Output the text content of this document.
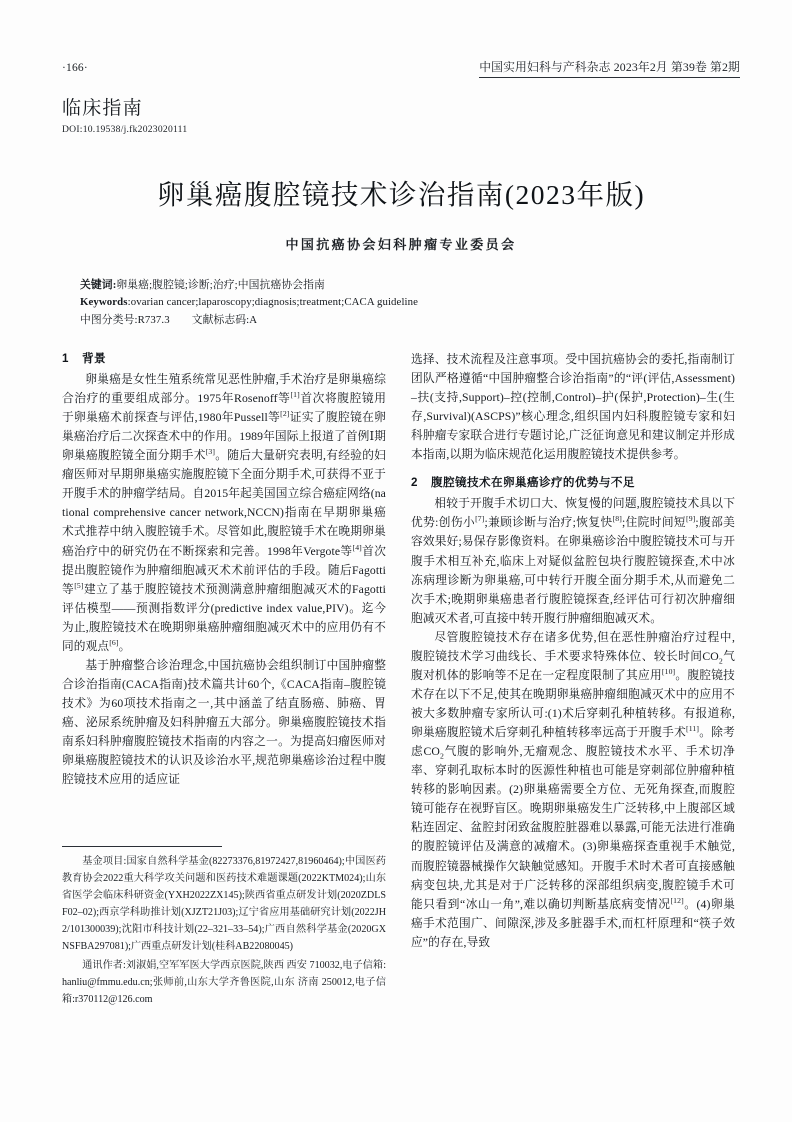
·166·	中国实用妇科与产科杂志 2023年2月 第39卷 第2期
临床指南
DOI:10.19538/j.fk2023020111
卵巢癌腹腔镜技术诊治指南(2023年版)
中国抗癌协会妇科肿瘤专业委员会
关键词:卵巢癌;腹腔镜;诊断;治疗;中国抗癌协会指南
Keywords:ovarian cancer;laparoscopy;diagnosis;treatment;CACA guideline
中图分类号:R737.3 文献标志码:A
1 背景

卵巢癌是女性生殖系统常见恶性肿瘤,手术治疗是卵巢癌综合治疗的重要组成部分。1975年Rosenoff等[1]首次将腹腔镜用于卵巢癌术前探查与评估,1980年Pussell等[2]证实了腹腔镜在卵巢癌治疗后二次探查术中的作用。1989年国际上报道了首例Ⅰ期卵巢癌腹腔镜全面分期手术[3]。随后大量研究表明,有经验的妇瘤医师对早期卵巢癌实施腹腔镜下全面分期手术,可获得不亚于开腹手术的肿瘤学结局。自2015年起美国国立综合癌症网络(national comprehensive cancer network,NCCN)指南在早期卵巢癌术式推荐中纳入腹腔镜手术。尽管如此,腹腔镜手术在晚期卵巢癌治疗中的研究仍在不断探索和完善。1998年Vergote等[4]首次提出腹腔镜作为肿瘤细胞减灭术术前评估的手段。随后Fagotti等[5]建立了基于腹腔镜技术预测满意肿瘤细胞减灭术的Fagotti评估模型——预测指数评分(predictive index value,PIV)。迄今为止,腹腔镜技术在晚期卵巢癌肿瘤细胞减灭术中的应用仍有不同的观点[6]。

基于肿瘤整合诊治理念,中国抗癌协会组织制订中国肿瘤整合诊治指南(CACA指南)技术篇共计60个,《CACA指南–腹腔镜技术》为60项技术指南之一,其中涵盖了结直肠癌、肺癌、胃癌、泌尿系统肿瘤及妇科肿瘤五大部分。卵巢癌腹腔镜技术指南系妇科肿瘤腹腔镜技术指南的内容之一。为提高妇瘤医师对卵巢癌腹腔镜技术的认识及诊治水平,规范卵巢癌诊治过程中腹腔镜技术应用的适应证

选择、技术流程及注意事项。受中国抗癌协会的委托,指南制订团队严格遵循“中国肿瘤整合诊治指南”的“评(评估,Assessment)–扶(支持,Support)–控(控制,Control)–护(保护,Protection)–生(生存,Survival)(ASCPS)”核心理念,组织国内妇科腹腔镜专家和妇科肿瘤专家联合进行专题讨论,广泛征询意见和建议制定并形成本指南,以期为临床规范化运用腹腔镜技术提供参考。

2 腹腔镜技术在卵巢癌诊疗的优势与不足

相较于开腹手术切口大、恢复慢的问题,腹腔镜技术具以下优势:创伤小[7];兼顾诊断与治疗;恢复快[8];住院时间短[9];腹部美容效果好;易保存影像资料。在卵巢癌诊治中腹腔镜技术可与开腹手术相互补充,临床上对疑似盆腔包块行腹腔镜探查,术中冰冻病理诊断为卵巢癌,可中转行开腹全面分期手术,从而避免二次手术;晚期卵巢癌患者行腹腔镜探查,经评估可行初次肿瘤细胞减灭术者,可直接中转开腹行肿瘤细胞减灭术。

尽管腹腔镜技术存在诸多优势,但在恶性肿瘤治疗过程中,腹腔镜技术学习曲线长、手术要求特殊体位、较长时间$CO_2$气腹对机体的影响等不足在一定程度限制了其应用[10]。腹腔镜技术存在以下不足,使其在晚期卵巢癌肿瘤细胞减灭术中的应用不被大多数肿瘤专家所认可:(1)术后穿刺孔种植转移。有报道称,卵巢癌腹腔镜术后穿刺孔种植转移率远高于开腹手术[11]。除考虑$CO_2$气腹的影响外,无瘤观念、腹腔镜技术水平、手术切净率、穿刺孔取标本时的医源性种植也可能是穿刺部位肿瘤种植转移的影响因素。(2)卵巢癌需要全方位、无死角探查,而腹腔镜可能存在视野盲区。晚期卵巢癌发生广泛转移,中上腹部区域粘连固定、盆腔封闭致盆腹腔脏器难以暴露,可能无法进行准确的腹腔镜评估及满意的减瘤术。(3)卵巢癌探查重视手术触觉,而腹腔镜器械操作欠缺触觉感知。开腹手术时术者可直接感触病变包块,尤其是对于广泛转移的深部组织病变,腹腔镜手术可能只看到“冰山一角”,难以确切判断基底病变情况[12]。(4)卵巢癌手术范围广、间隙深,涉及多脏器手术,而杠杆原理和“筷子效应”的存在,导致

基金项目:国家自然科学基金(82273376,81972427,81960464);中国医药教育协会2022重大科学攻关问题和医药技术难题课题(2022KTM024);山东省医学会临床科研资金(YXH2022ZX145);陕西省重点研发计划(2020ZDLSF02–02);西京学科助推计划(XJZT21J03);辽宁省应用基础研究计划(2022JH2/101300039);沈阳市科技计划(22–321–33–54);广西自然科学基金(2020GXNSFBA297081);广西重点研发计划(桂科AB22080045)

通讯作者:刘淑娟,空军军医大学西京医院,陕西 西安 710032,电子信箱:hanliu@fmmu.edu.cn;张师前,山东大学齐鲁医院,山东 济南 250012,电子信箱:r370112@126.com
